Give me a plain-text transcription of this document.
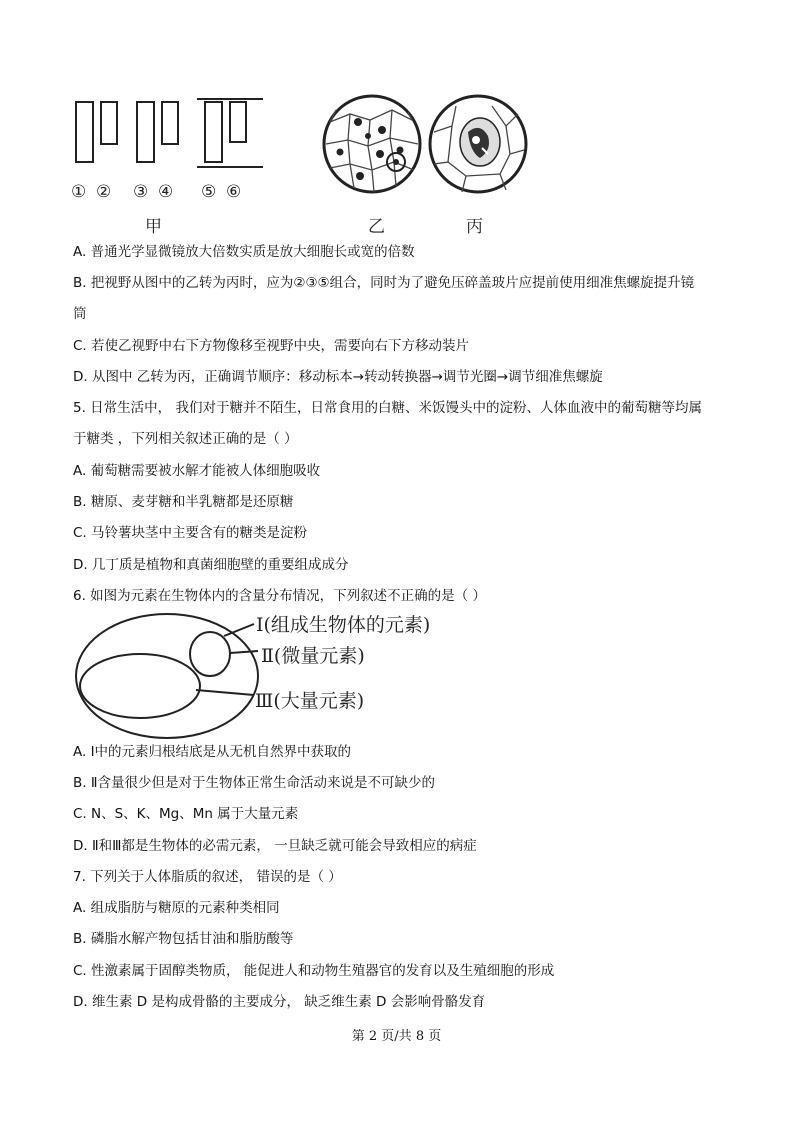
① ② ③ ④ ⑤ ⑥
甲	乙	丙
A. 普通光学显微镜放大倍数实质是放大细胞长或宽的倍数
B. 把视野从图中的乙转为丙时，应为②③⑤组合，同时为了避免压碎盖玻片应提前使用细准焦螺旋提升镜
筒
C. 若使乙视野中右下方物像移至视野中央，需要向右下方移动装片
D. 从图中 乙转为丙，正确调节顺序：移动标本→转动转换器→调节光圈→调节细准焦螺旋
5. 日常生活中， 我们对于糖并不陌生，日常食用的白糖、米饭馒头中的淀粉、人体血液中的葡萄糖等均属
于糖类 ，下列相关叙述正确的是（ ）
A. 葡萄糖需要被水解才能被人体细胞吸收
B. 糖原、麦芽糖和半乳糖都是还原糖
C. 马铃薯块茎中主要含有的糖类是淀粉
D. 几丁质是植物和真菌细胞壁的重要组成成分
6. 如图为元素在生物体内的含量分布情况，下列叙述不正确的是（ ）
Ⅰ(组成生物体的元素)
Ⅱ(微量元素)
Ⅲ(大量元素)
A. Ⅰ中的元素归根结底是从无机自然界中获取的
B. Ⅱ含量很少但是对于生物体正常生命活动来说是不可缺少的
C. N、S、K、Mg、Mn 属于大量元素
D. Ⅱ和Ⅲ都是生物体的必需元素， 一旦缺乏就可能会导致相应的病症
7. 下列关于人体脂质的叙述， 错误的是（ ）
A. 组成脂肪与糖原的元素种类相同
B. 磷脂水解产物包括甘油和脂肪酸等
C. 性激素属于固醇类物质， 能促进人和动物生殖器官的发育以及生殖细胞的形成
D. 维生素 D 是构成骨骼的主要成分， 缺乏维生素 D 会影响骨骼发育
第 2 页/共 8 页
